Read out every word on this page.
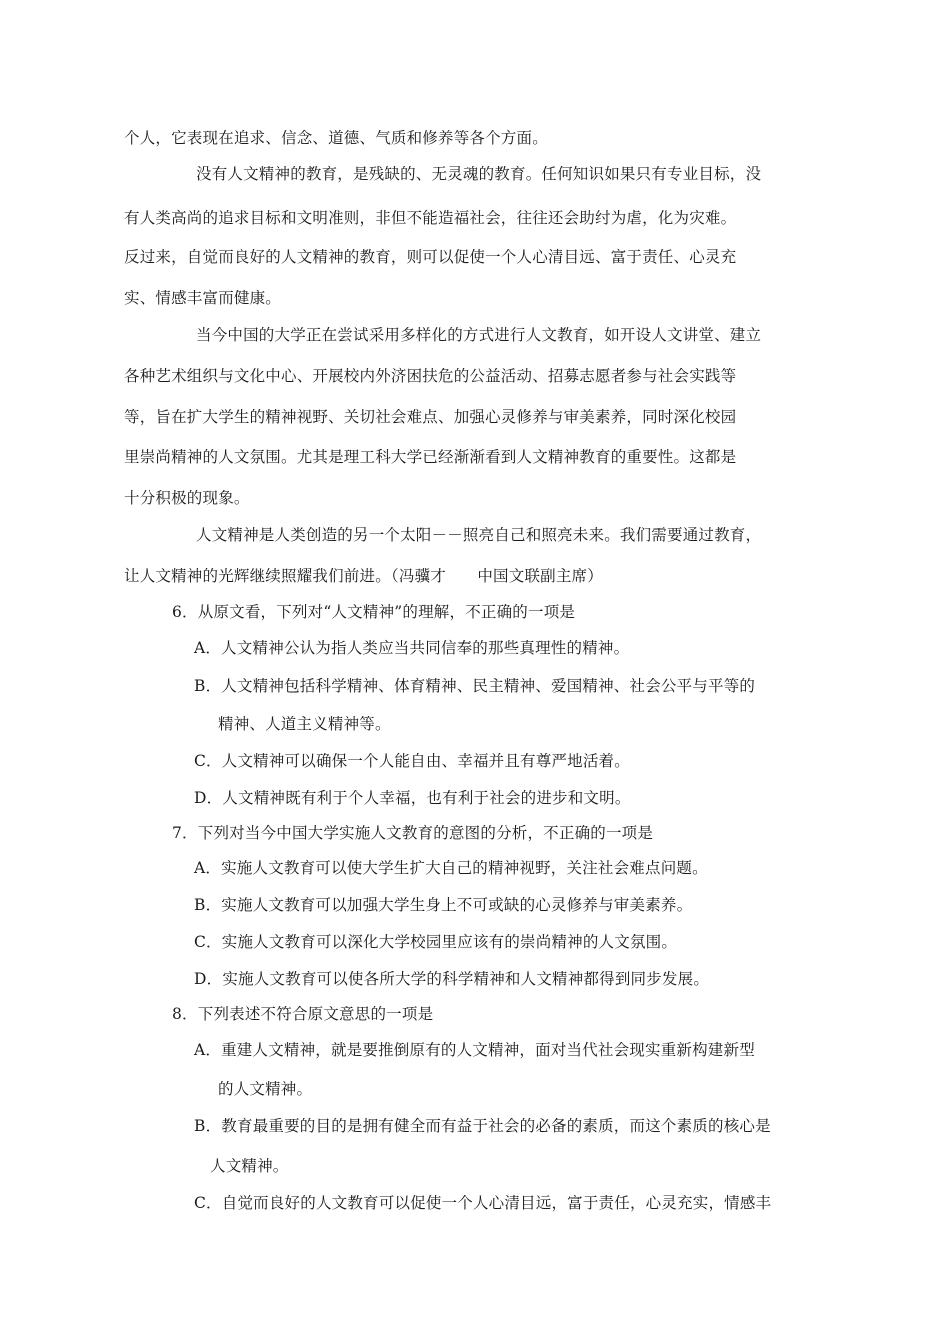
个人，它表现在追求、信念、道德、气质和修养等各个方面。
没有人文精神的教育，是残缺的、无灵魂的教育。任何知识如果只有专业目标，没
有人类高尚的追求目标和文明准则，非但不能造福社会，往往还会助纣为虐，化为灾难。
反过来，自觉而良好的人文精神的教育，则可以促使一个人心清目远、富于责任、心灵充
实、情感丰富而健康。
当今中国的大学正在尝试采用多样化的方式进行人文教育，如开设人文讲堂、建立
各种艺术组织与文化中心、开展校内外济困扶危的公益活动、招募志愿者参与社会实践等
等，旨在扩大学生的精神视野、关切社会难点、加强心灵修养与审美素养，同时深化校园
里崇尚精神的人文氛围。尤其是理工科大学已经渐渐看到人文精神教育的重要性。这都是
十分积极的现象。
人文精神是人类创造的另一个太阳－－照亮自己和照亮未来。我们需要通过教育，
让人文精神的光辉继续照耀我们前进。（冯骥才　　中国文联副主席）
6．从原文看，下列对“人文精神”的理解，不正确的一项是
A．人文精神公认为指人类应当共同信奉的那些真理性的精神。
B．人文精神包括科学精神、体育精神、民主精神、爱国精神、社会公平与平等的
精神、人道主义精神等。
C．人文精神可以确保一个人能自由、幸福并且有尊严地活着。
D．人文精神既有利于个人幸福，也有利于社会的进步和文明。
7．下列对当今中国大学实施人文教育的意图的分析，不正确的一项是
A．实施人文教育可以使大学生扩大自己的精神视野，关注社会难点问题。
B．实施人文教育可以加强大学生身上不可或缺的心灵修养与审美素养。
C．实施人文教育可以深化大学校园里应该有的崇尚精神的人文氛围。
D．实施人文教育可以使各所大学的科学精神和人文精神都得到同步发展。
8．下列表述不符合原文意思的一项是
A．重建人文精神，就是要推倒原有的人文精神，面对当代社会现实重新构建新型
的人文精神。
B．教育最重要的目的是拥有健全而有益于社会的必备的素质，而这个素质的核心是
人文精神。
C．自觉而良好的人文教育可以促使一个人心清目远，富于责任，心灵充实，情感丰
